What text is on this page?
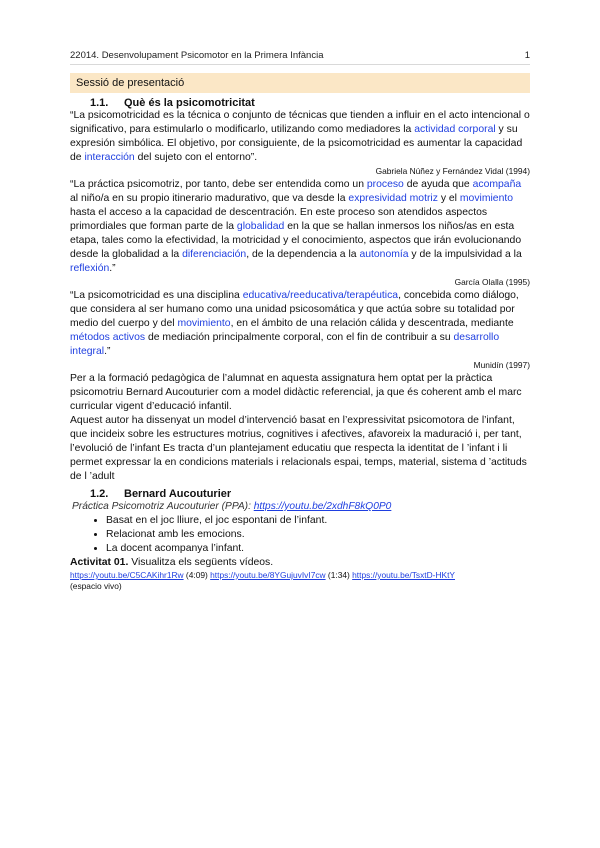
22014. Desenvolupament Psicomotor en la Primera Infància	1
Sessió de presentació
1.1. Què és la psicomotricitat

“La psicomotricidad es la técnica o conjunto de técnicas que tienden a influir en el acto intencional o significativo, para estimularlo o modificarlo, utilizando como mediadores la actividad corporal y su expresión simbólica. El objetivo, por consiguiente, de la psicomotricidad es aumentar la capacidad de interacción del sujeto con el entorno”.

Gabriela Núñez y Fernández Vidal (1994)

“La práctica psicomotriz, por tanto, debe ser entendida como un proceso de ayuda que acompaña al niño/a en su propio itinerario madurativo, que va desde la expresividad motriz y el movimiento hasta el acceso a la capacidad de descentración. En este proceso son atendidos aspectos primordiales que forman parte de la globalidad en la que se hallan inmersos los niños/as en esta etapa, tales como la efectividad, la motricidad y el conocimiento, aspectos que irán evolucionando desde la globalidad a la diferenciación, de la dependencia a la autonomía y de la impulsividad a la reflexión.”

García Olalla (1995)

“La psicomotricidad es una disciplina educativa/reeducativa/terapéutica, concebida como diálogo, que considera al ser humano como una unidad psicosomática y que actúa sobre su totalidad por medio del cuerpo y del movimiento, en el ámbito de una relación cálida y descentrada, mediante métodos activos de mediación principalmente corporal, con el fin de contribuir a su desarrollo integral.”

Munidín (1997)

Per a la formació pedagògica de l’alumnat en aquesta assignatura hem optat per la pràctica psicomotriu Bernard Aucouturier com a model didàctic referencial, ja que és coherent amb el marc curricular vigent d’educació infantil.

Aquest autor ha dissenyat un model d’intervenció basat en l’expressivitat psicomotora de l’infant, que incideix sobre les estructures motrius, cognitives i afectives, afavoreix la maduració i, per tant, l’evolució de l’infant Es tracta d’un plantejament educatiu que respecta la identitat de l ’infant i li permet expressar la en condicions materials i relacionals espai, temps, material, sistema d ’actituds de l ’adult

1.2. Bernard Aucouturier
Práctica Psicomotriz Aucouturier (PPA): https://youtu.be/2xdhF8kQ0P0
• Basat en el joc lliure, el joc espontani de l’infant.
• Relacionat amb les emocions.
• La docent acompanya l’infant.
Activitat 01. Visualitza els següents vídeos.
https://youtu.be/C5CAKihr1Rw (4:09) https://youtu.be/8YGujuvIvI7cw (1:34) https://youtu.be/TsxtD-HKtY
(espacio vivo)
